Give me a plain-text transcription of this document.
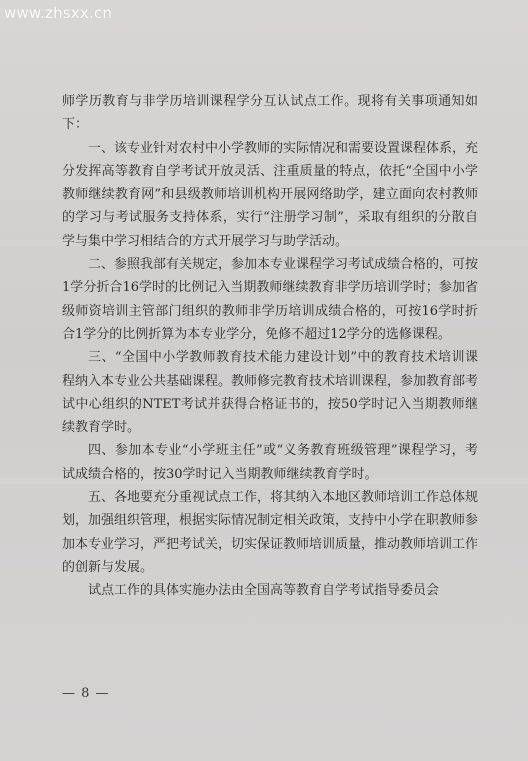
www.zhsxx.cn

师学历教育与非学历培训课程学分互认试点工作。现将有关事项通知如下：

一、该专业针对农村中小学教师的实际情况和需要设置课程体系，充分发挥高等教育自学考试开放灵活、注重质量的特点，依托“全国中小学教师继续教育网”和县级教师培训机构开展网络助学，建立面向农村教师的学习与考试服务支持体系，实行“注册学习制”，采取有组织的分散自学与集中学习相结合的方式开展学习与助学活动。

二、参照我部有关规定，参加本专业课程学习考试成绩合格的，可按1学分折合16学时的比例记入当期教师继续教育非学历培训学时；参加省级师资培训主管部门组织的教师非学历培训成绩合格的，可按16学时折合1学分的比例折算为本专业学分，免修不超过12学分的选修课程。

三、“全国中小学教师教育技术能力建设计划”中的教育技术培训课程纳入本专业公共基础课程。教师修完教育技术培训课程，参加教育部考试中心组织的NTET考试并获得合格证书的，按50学时记入当期教师继续教育学时。

四、参加本专业“小学班主任”或“义务教育班级管理”课程学习，考试成绩合格的，按30学时记入当期教师继续教育学时。

五、各地要充分重视试点工作，将其纳入本地区教师培训工作总体规划，加强组织管理，根据实际情况制定相关政策，支持中小学在职教师参加本专业学习，严把考试关，切实保证教师培训质量，推动教师培训工作的创新与发展。

试点工作的具体实施办法由全国高等教育自学考试指导委员会

— 8 —
